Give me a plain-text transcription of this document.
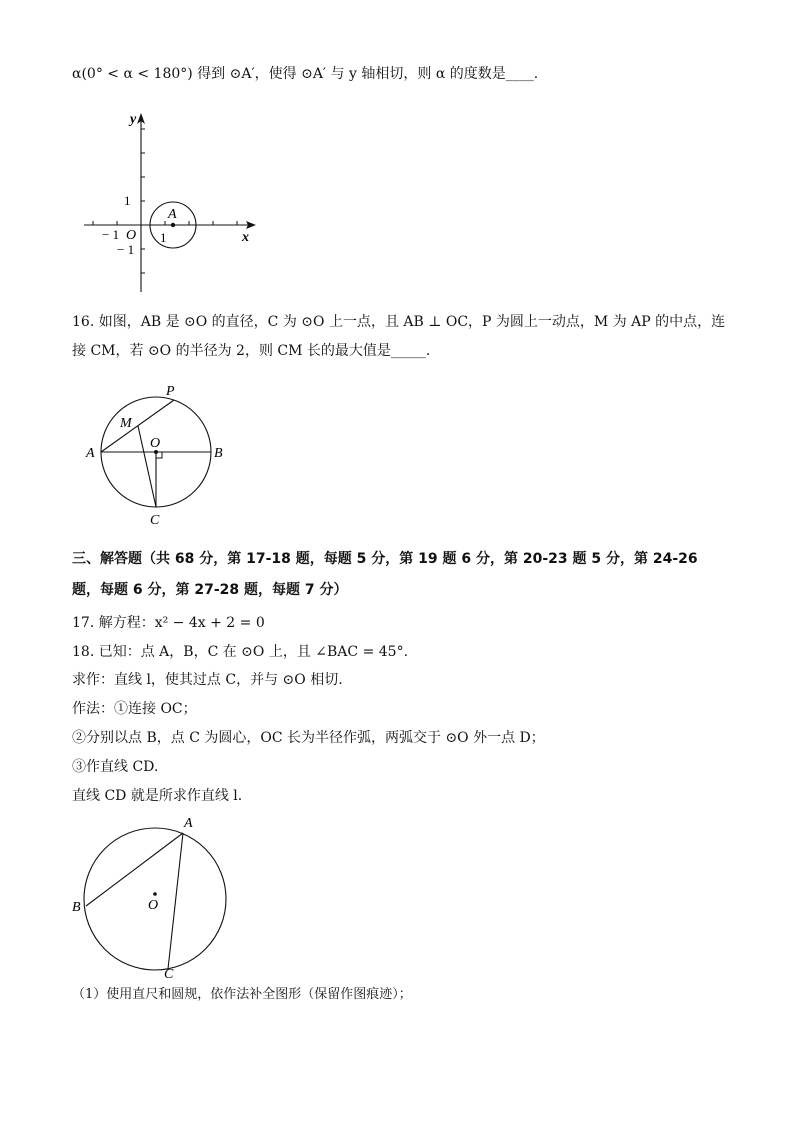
α(0° < α < 180°) 得到 ⊙A′，使得 ⊙A′ 与 y 轴相切，则 α 的度数是____.
y
x
O
− 1	1
1
− 1
A
16. 如图，AB 是 ⊙O 的直径，C 为 ⊙O 上一点，且 AB ⊥ OC，P 为圆上一动点，M 为 AP 的中点，连
接 CM，若 ⊙O 的半径为 2，则 CM 长的最大值是_____.
P
M
O
A	B
C
三、解答题（共 68 分，第 17-18 题，每题 5 分，第 19 题 6 分，第 20-23 题 5 分，第 24-26
题，每题 6 分，第 27-28 题，每题 7 分）
17. 解方程：x² − 4x + 2 = 0
18. 已知：点 A，B，C 在 ⊙O 上，且 ∠BAC = 45°.
求作：直线 l，使其过点 C，并与 ⊙O 相切.
作法：①连接 OC；
②分别以点 B，点 C 为圆心，OC 长为半径作弧，两弧交于 ⊙O 外一点 D；
③作直线 CD.
直线 CD 就是所求作直线 l.
A
B	O
C
（1）使用直尺和圆规，依作法补全图形（保留作图痕迹）；
